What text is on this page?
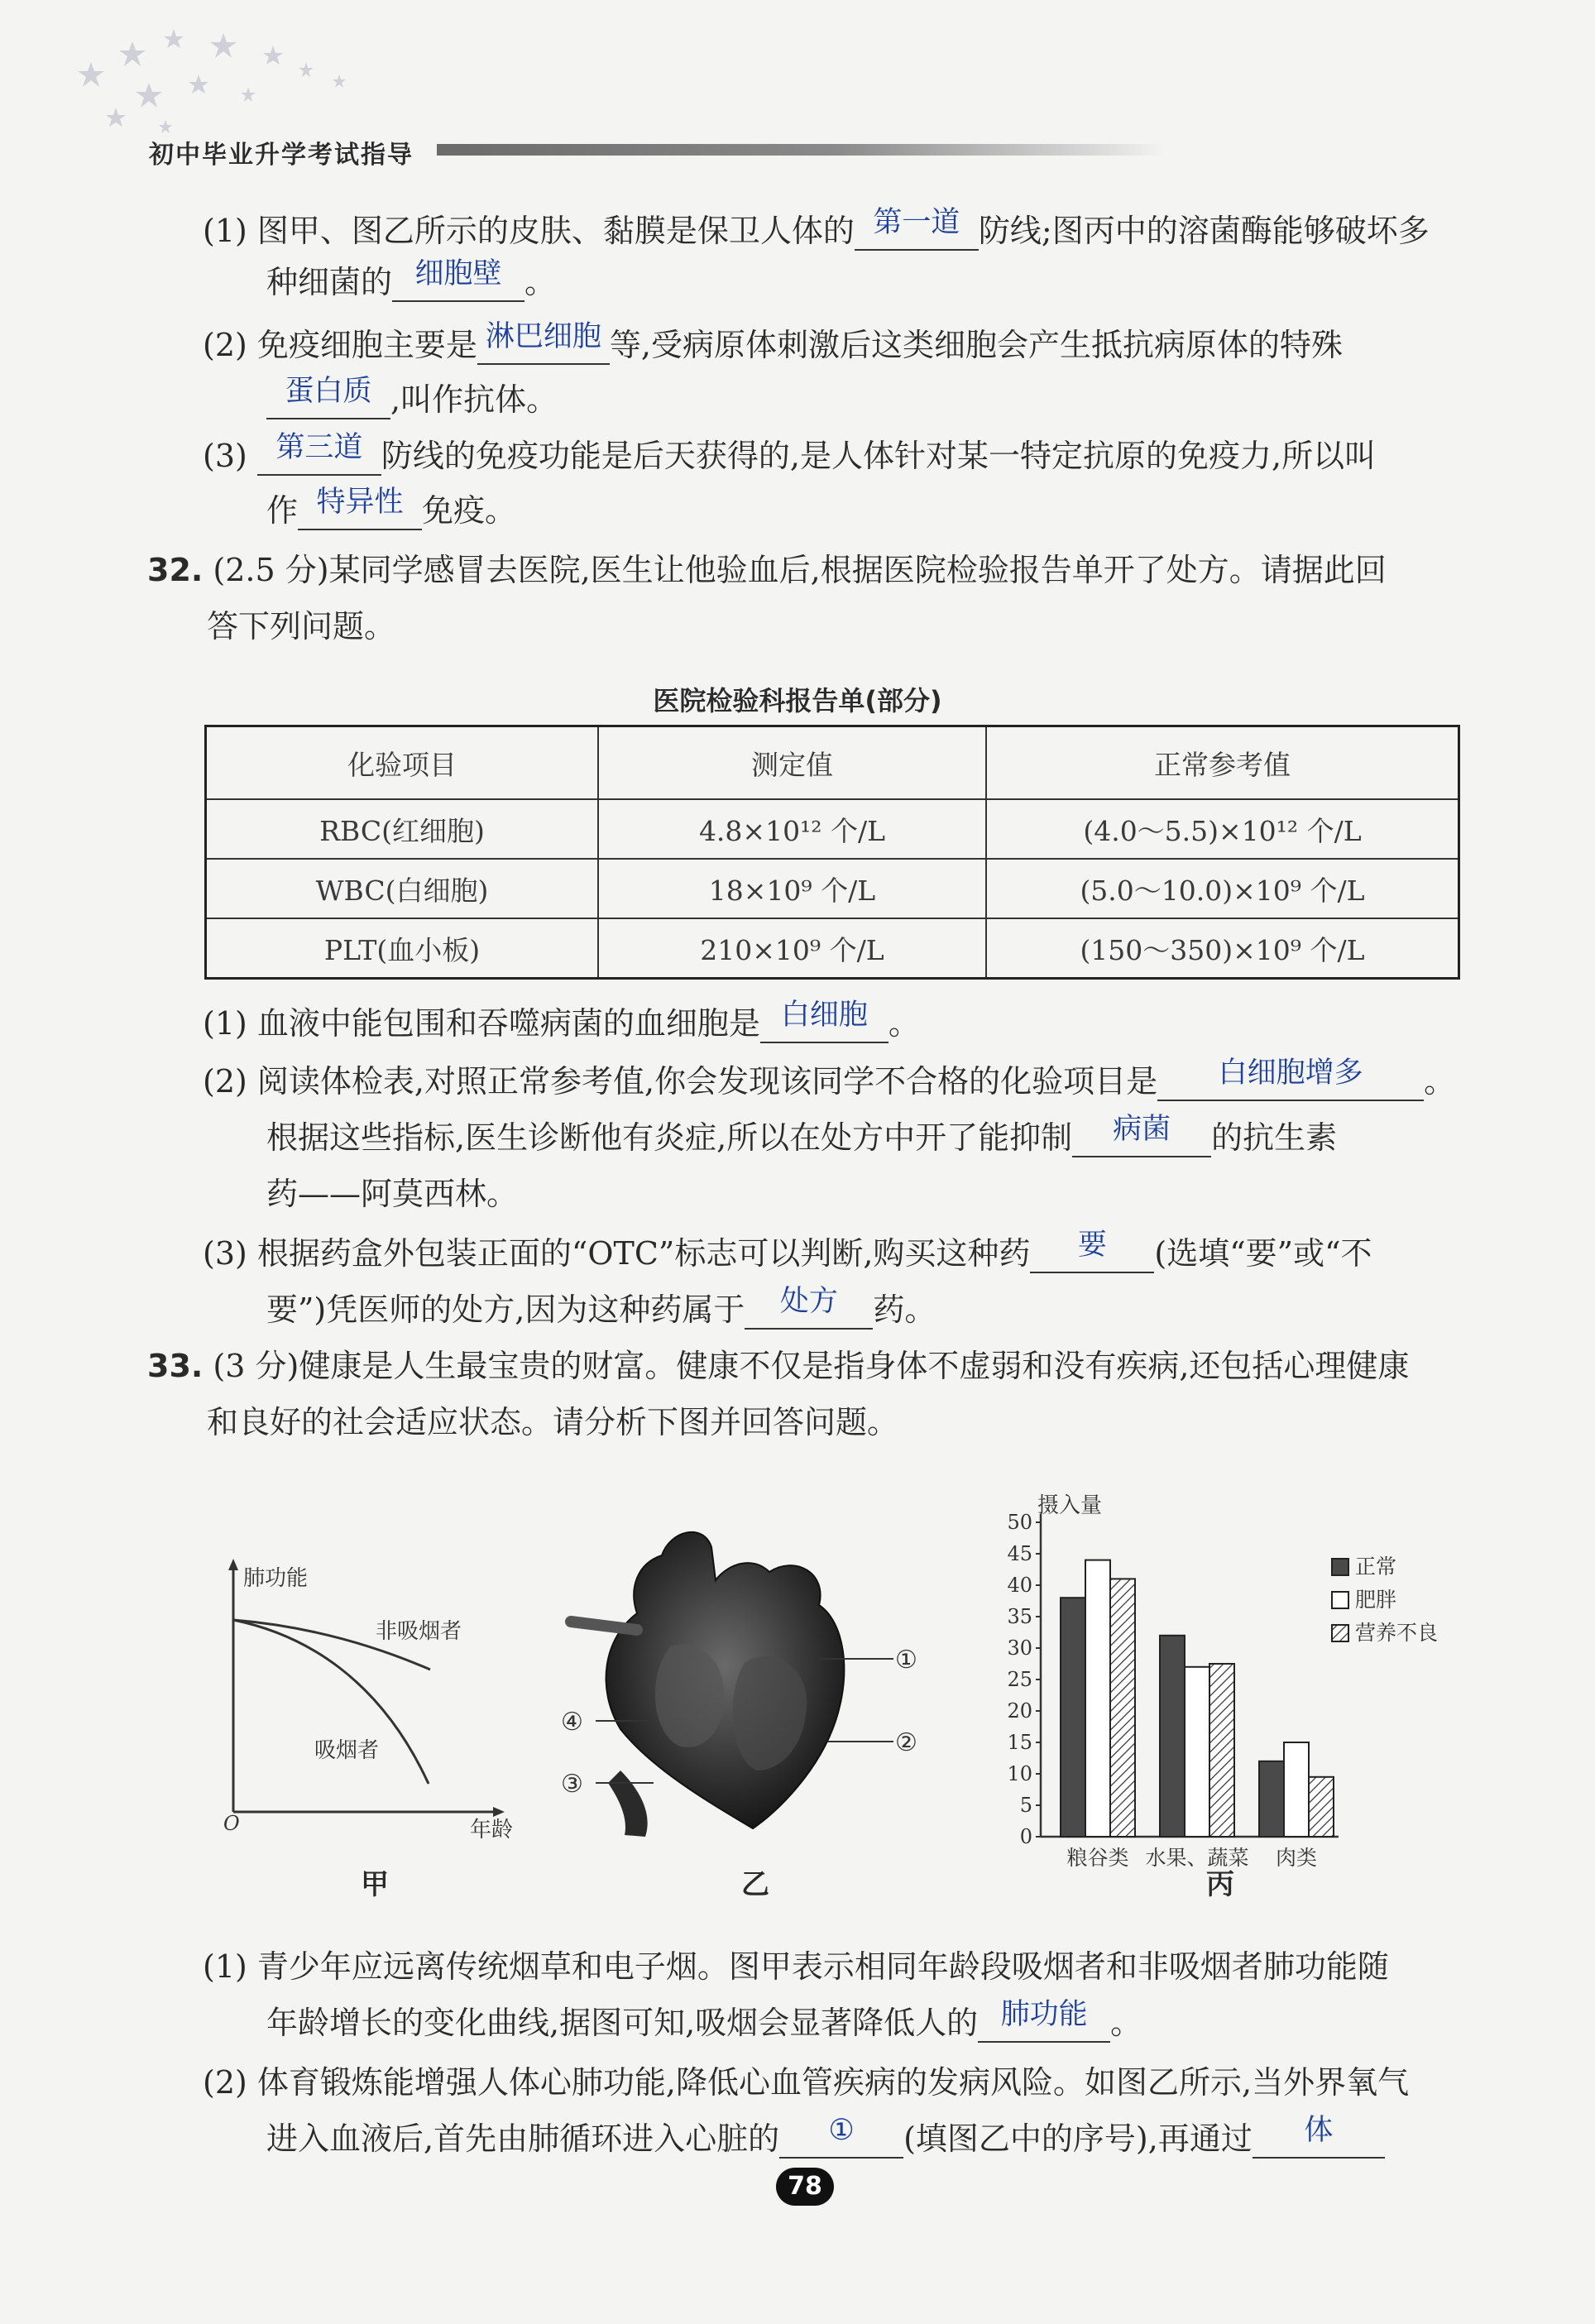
初中毕业升学考试指导
(1) 图甲、图乙所示的皮肤、黏膜是保卫人体的 第一道 防线;图丙中的溶菌酶能够破坏多
种细菌的 细胞壁 。
(2) 免疫细胞主要是 淋巴细胞 等,受病原体刺激后这类细胞会产生抵抗病原体的特殊
蛋白质 ,叫作抗体。
(3) 第三道 防线的免疫功能是后天获得的,是人体针对某一特定抗原的免疫力,所以叫
作 特异性 免疫。
32. (2.5 分)某同学感冒去医院,医生让他验血后,根据医院检验报告单开了处方。请据此回
答下列问题。
医院检验科报告单(部分)
化验项目	测定值	正常参考值
RBC(红细胞)	4.8×10¹² 个/L	(4.0～5.5)×10¹² 个/L
WBC(白细胞)	18×10⁹ 个/L	(5.0～10.0)×10⁹ 个/L
PLT(血小板)	210×10⁹ 个/L	(150～350)×10⁹ 个/L
(1) 血液中能包围和吞噬病菌的血细胞是 白细胞 。
(2) 阅读体检表,对照正常参考值,你会发现该同学不合格的化验项目是 白细胞增多 。
根据这些指标,医生诊断他有炎症,所以在处方中开了能抑制 病菌 的抗生素
药——阿莫西林。
(3) 根据药盒外包装正面的“OTC”标志可以判断,购买这种药 要 (选填“要”或“不
要”)凭医师的处方,因为这种药属于 处方 药。
33. (3 分)健康是人生最宝贵的财富。健康不仅是指身体不虚弱和没有疾病,还包括心理健康
和良好的社会适应状态。请分析下图并回答问题。
肺功能
非吸烟者
吸烟者
O	年龄
甲
①
②
③
④
乙
0
5
10
15
20
25
30
35
40
45
50
粮谷类 水果、蔬菜 肉类
正常
肥胖
营养不良
摄入量
丙
(1) 青少年应远离传统烟草和电子烟。图甲表示相同年龄段吸烟者和非吸烟者肺功能随
年龄增长的变化曲线,据图可知,吸烟会显著降低人的 肺功能 。
(2) 体育锻炼能增强人体心肺功能,降低心血管疾病的发病风险。如图乙所示,当外界氧气
进入血液后,首先由肺循环进入心脏的 ① (填图乙中的序号),再通过 体
78
